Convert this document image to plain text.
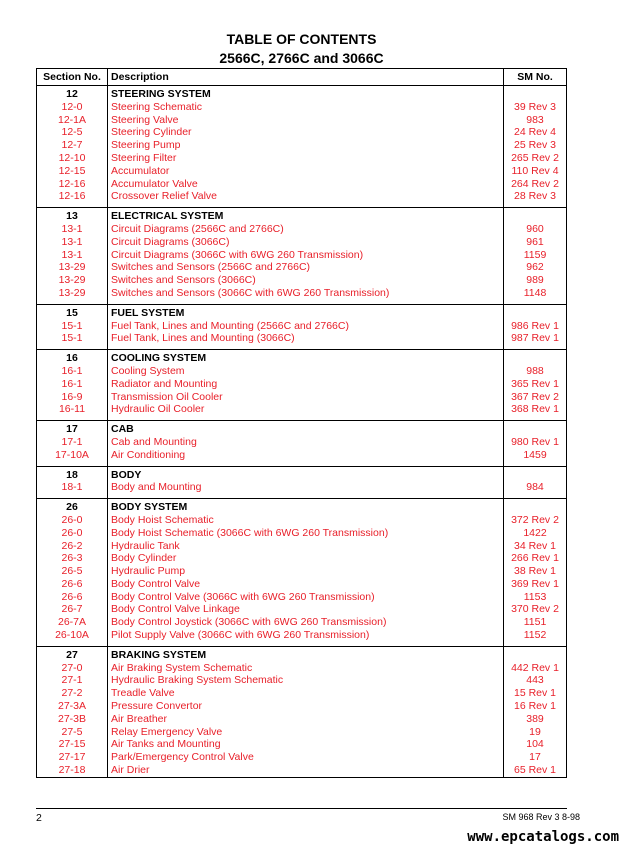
TABLE OF CONTENTS
2566C, 2766C and 3066C
Section No.	Description	SM No.
12	STEERING SYSTEM	
12-0	Steering Schematic	39 Rev 3
12-1A	Steering Valve	983
12-5	Steering Cylinder	24 Rev 4
12-7	Steering Pump	25 Rev 3
12-10	Steering Filter	265 Rev 2
12-15	Accumulator	110 Rev 4
12-16	Accumulator Valve	264 Rev 2
12-16	Crossover Relief Valve	28 Rev 3

13	ELECTRICAL SYSTEM	
13-1	Circuit Diagrams (2566C and 2766C)	960
13-1	Circuit Diagrams (3066C)	961
13-1	Circuit Diagrams (3066C with 6WG 260 Transmission)	1159
13-29	Switches and Sensors (2566C and 2766C)	962
13-29	Switches and Sensors (3066C)	989
13-29	Switches and Sensors (3066C with 6WG 260 Transmission)	1148

15	FUEL SYSTEM	
15-1	Fuel Tank, Lines and Mounting (2566C and 2766C)	986 Rev 1
15-1	Fuel Tank, Lines and Mounting (3066C)	987 Rev 1

16	COOLING SYSTEM	
16-1	Cooling System	988
16-1	Radiator and Mounting	365 Rev 1
16-9	Transmission Oil Cooler	367 Rev 2
16-11	Hydraulic Oil Cooler	368 Rev 1

17	CAB	
17-1	Cab and Mounting	980 Rev 1
17-10A	Air Conditioning	1459

18	BODY	
18-1	Body and Mounting	984

26	BODY SYSTEM	
26-0	Body Hoist Schematic	372 Rev 2
26-0	Body Hoist Schematic (3066C with 6WG 260 Transmission)	1422
26-2	Hydraulic Tank	34 Rev 1
26-3	Body Cylinder	266 Rev 1
26-5	Hydraulic Pump	38 Rev 1
26-6	Body Control Valve	369 Rev 1
26-6	Body Control Valve (3066C with 6WG 260 Transmission)	1153
26-7	Body Control Valve Linkage	370 Rev 2
26-7A	Body Control Joystick (3066C with 6WG 260 Transmission)	1151
26-10A	Pilot Supply Valve (3066C with 6WG 260 Transmission)	1152

27	BRAKING SYSTEM	
27-0	Air Braking System Schematic	442 Rev 1
27-1	Hydraulic Braking System Schematic	443
27-2	Treadle Valve	15 Rev 1
27-3A	Pressure Convertor	16 Rev 1
27-3B	Air Breather	389
27-5	Relay Emergency Valve	19
27-15	Air Tanks and Mounting	104
27-17	Park/Emergency Control Valve	17
27-18	Air Drier	65 Rev 1
2	SM 968 Rev 3 8-98
www.epcatalogs.com
